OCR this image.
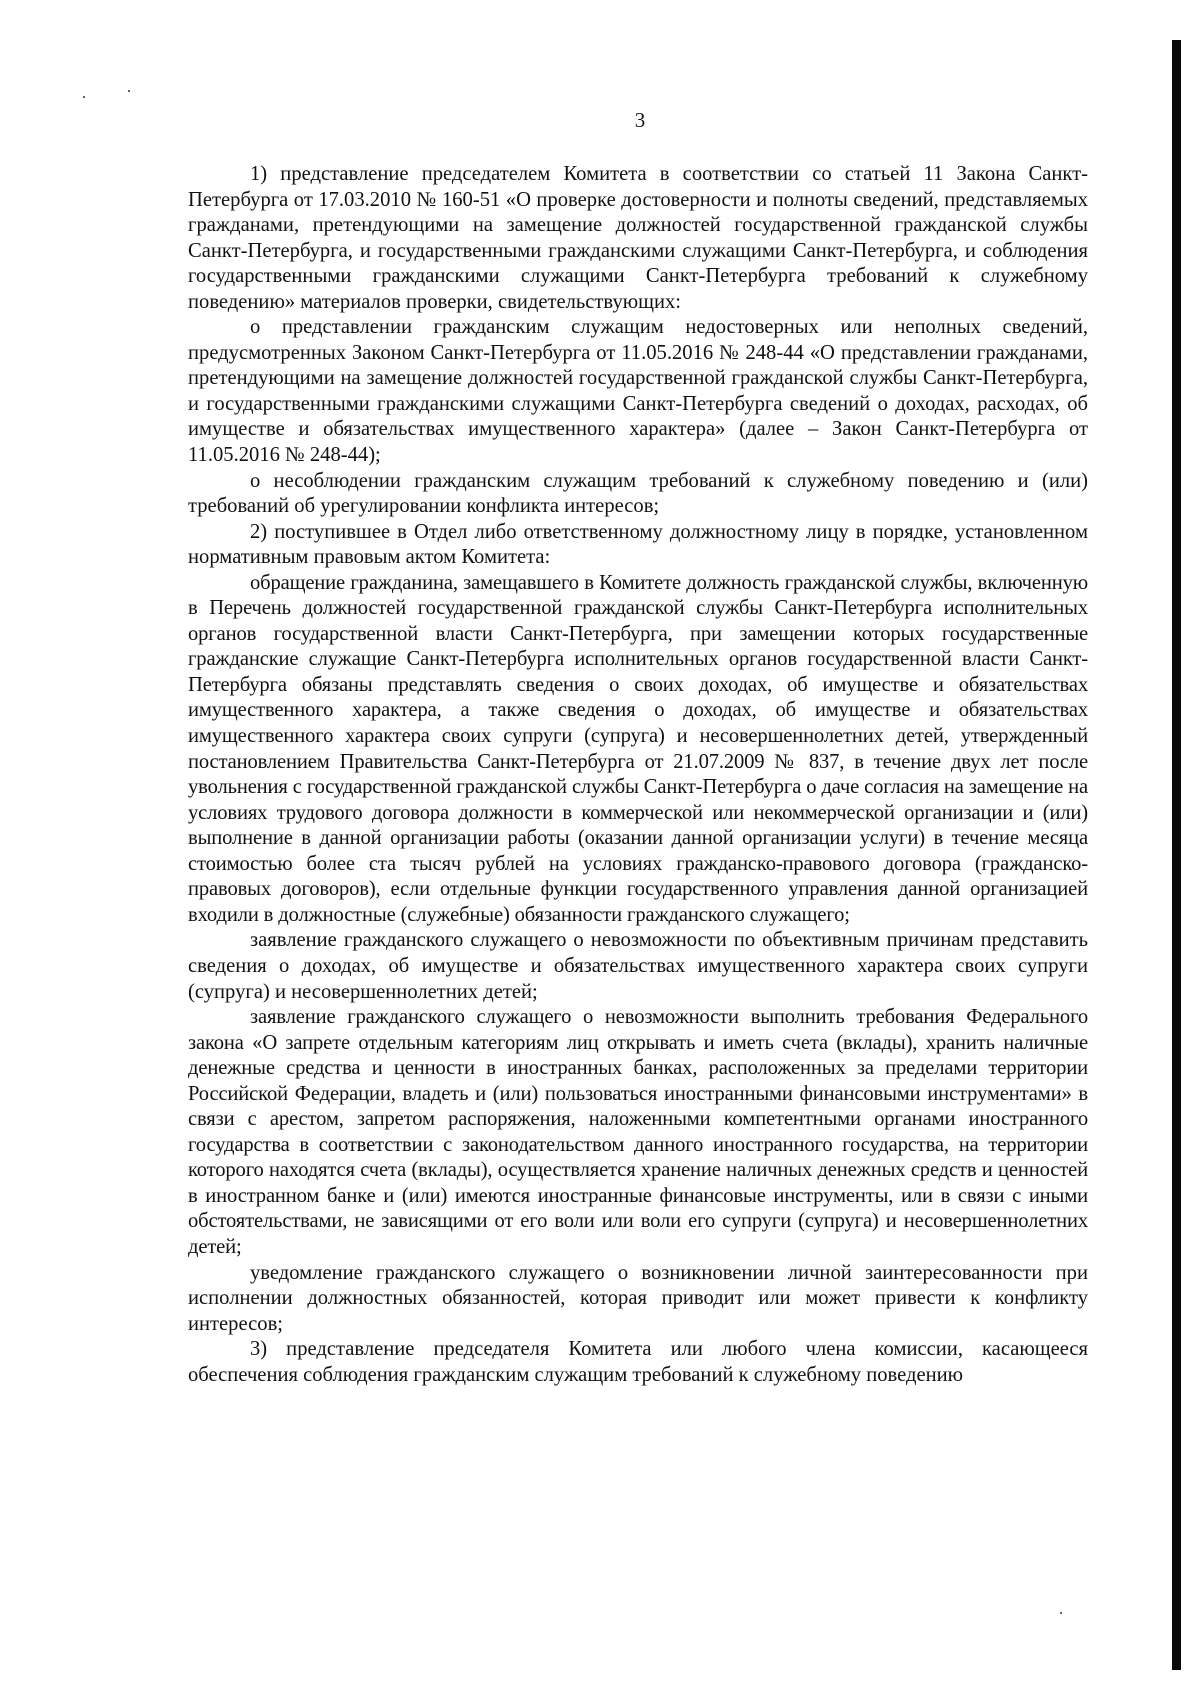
3

1) представление председателем Комитета в соответствии со статьей 11 Закона Санкт-Петербурга от 17.03.2010 № 160-51 «О проверке достоверности и полноты сведений, представляемых гражданами, претендующими на замещение должностей государственной гражданской службы Санкт-Петербурга, и государственными гражданскими служащими Санкт-Петербурга, и соблюдения государственными гражданскими служащими Санкт-Петербурга требований к служебному поведению» материалов проверки, свидетельствующих:

о представлении гражданским служащим недостоверных или неполных сведений, предусмотренных Законом Санкт-Петербурга от 11.05.2016 № 248-44 «О представлении гражданами, претендующими на замещение должностей государственной гражданской службы Санкт-Петербурга, и государственными гражданскими служащими Санкт-Петербурга сведений о доходах, расходах, об имуществе и обязательствах имущественного характера» (далее – Закон Санкт-Петербурга от 11.05.2016 № 248-44);

о несоблюдении гражданским служащим требований к служебному поведению и (или) требований об урегулировании конфликта интересов;

2) поступившее в Отдел либо ответственному должностному лицу в порядке, установленном нормативным правовым актом Комитета:

обращение гражданина, замещавшего в Комитете должность гражданской службы, включенную в Перечень должностей государственной гражданской службы Санкт-Петербурга исполнительных органов государственной власти Санкт-Петербурга, при замещении которых государственные гражданские служащие Санкт-Петербурга исполнительных органов государственной власти Санкт-Петербурга обязаны представлять сведения о своих доходах, об имуществе и обязательствах имущественного характера, а также сведения о доходах, об имуществе и обязательствах имущественного характера своих супруги (супруга) и несовершеннолетних детей, утвержденный постановлением Правительства Санкт-Петербурга от 21.07.2009 № 837, в течение двух лет после увольнения с государственной гражданской службы Санкт-Петербурга о даче согласия на замещение на условиях трудового договора должности в коммерческой или некоммерческой организации и (или) выполнение в данной организации работы (оказании данной организации услуги) в течение месяца стоимостью более ста тысяч рублей на условиях гражданско-правового договора (гражданско-правовых договоров), если отдельные функции государственного управления данной организацией входили в должностные (служебные) обязанности гражданского служащего;

заявление гражданского служащего о невозможности по объективным причинам представить сведения о доходах, об имуществе и обязательствах имущественного характера своих супруги (супруга) и несовершеннолетних детей;

заявление гражданского служащего о невозможности выполнить требования Федерального закона «О запрете отдельным категориям лиц открывать и иметь счета (вклады), хранить наличные денежные средства и ценности в иностранных банках, расположенных за пределами территории Российской Федерации, владеть и (или) пользоваться иностранными финансовыми инструментами» в связи с арестом, запретом распоряжения, наложенными компетентными органами иностранного государства в соответствии с законодательством данного иностранного государства, на территории которого находятся счета (вклады), осуществляется хранение наличных денежных средств и ценностей в иностранном банке и (или) имеются иностранные финансовые инструменты, или в связи с иными обстоятельствами, не зависящими от его воли или воли его супруги (супруга) и несовершеннолетних детей;

уведомление гражданского служащего о возникновении личной заинтересованности при исполнении должностных обязанностей, которая приводит или может привести к конфликту интересов;

3) представление председателя Комитета или любого члена комиссии, касающееся обеспечения соблюдения гражданским служащим требований к служебному поведению
